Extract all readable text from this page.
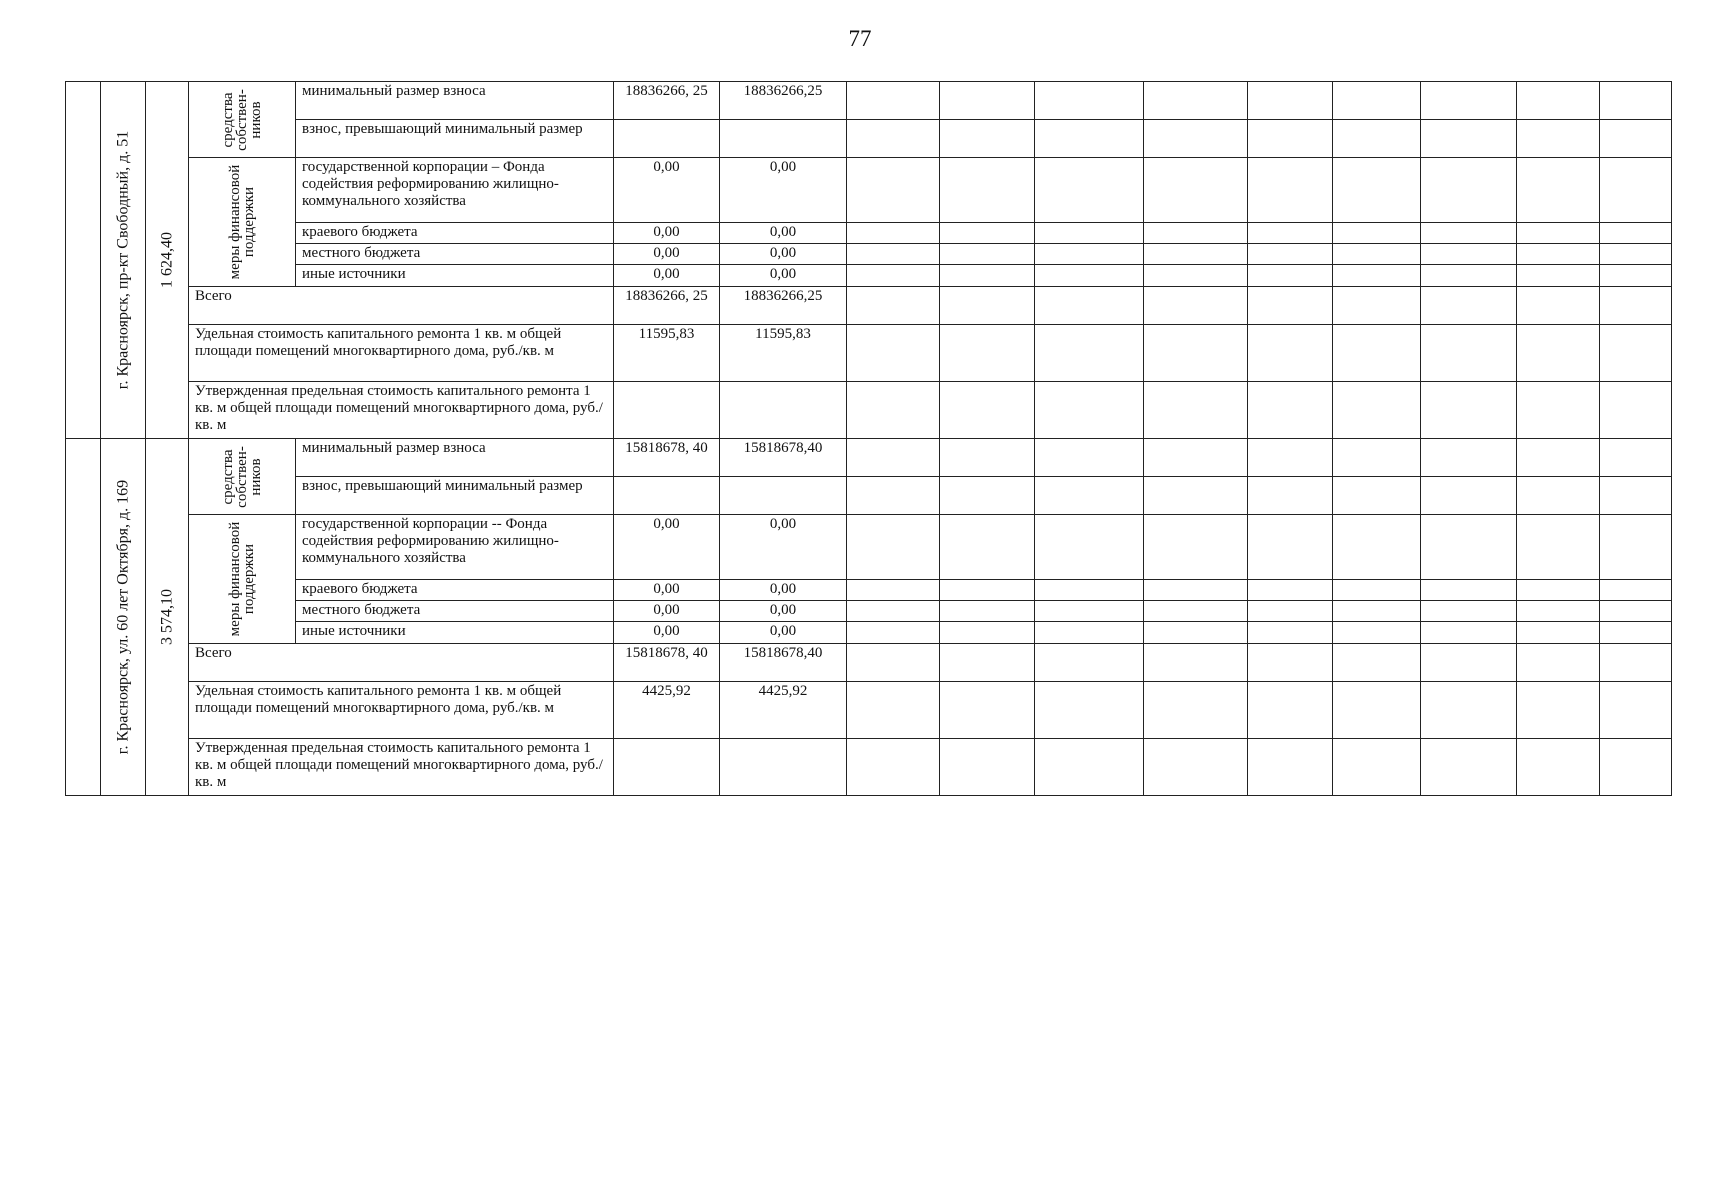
77

	г. Красноярск, пр-кт Свободный, д. 51	1 624,40	средства собствен-ников	минимальный размер взноса	18836266, 25	18836266,25									
				взнос, превышающий минимальный размер											

			меры финансовой поддержки	государственной корпорации – Фонда содействия реформированию жилищно-коммунального хозяйства	0,00	0,00									
				краевого бюджета	0,00	0,00									
				местного бюджета	0,00	0,00									
				иные источники	0,00	0,00									
			Всего		18836266, 25	18836266,25									
			Удельная стоимость капитального ремонта 1 кв. м общей площади помещений многоквартирного дома, руб./кв. м		11595,83	11595,83									
			Утвержденная предельная стоимость капитального ремонта 1 кв. м общей площади помещений многоквартирного дома, руб./кв. м												

	г. Красноярск, ул. 60 лет Октября, д. 169	3 574,10	средства собствен-ников	минимальный размер взноса	15818678, 40	15818678,40									
				взнос, превышающий минимальный размер											

			меры финансовой поддержки	государственной корпорации -- Фонда содействия реформированию жилищно-коммунального хозяйства	0,00	0,00									
				краевого бюджета	0,00	0,00									
				местного бюджета	0,00	0,00									
				иные источники	0,00	0,00									
			Всего		15818678, 40	15818678,40									
			Удельная стоимость капитального ремонта 1 кв. м общей площади помещений многоквартирного дома, руб./кв. м		4425,92	4425,92									
			Утвержденная предельная стоимость капитального ремонта 1 кв. м общей площади помещений многоквартирного дома, руб./кв. м												
